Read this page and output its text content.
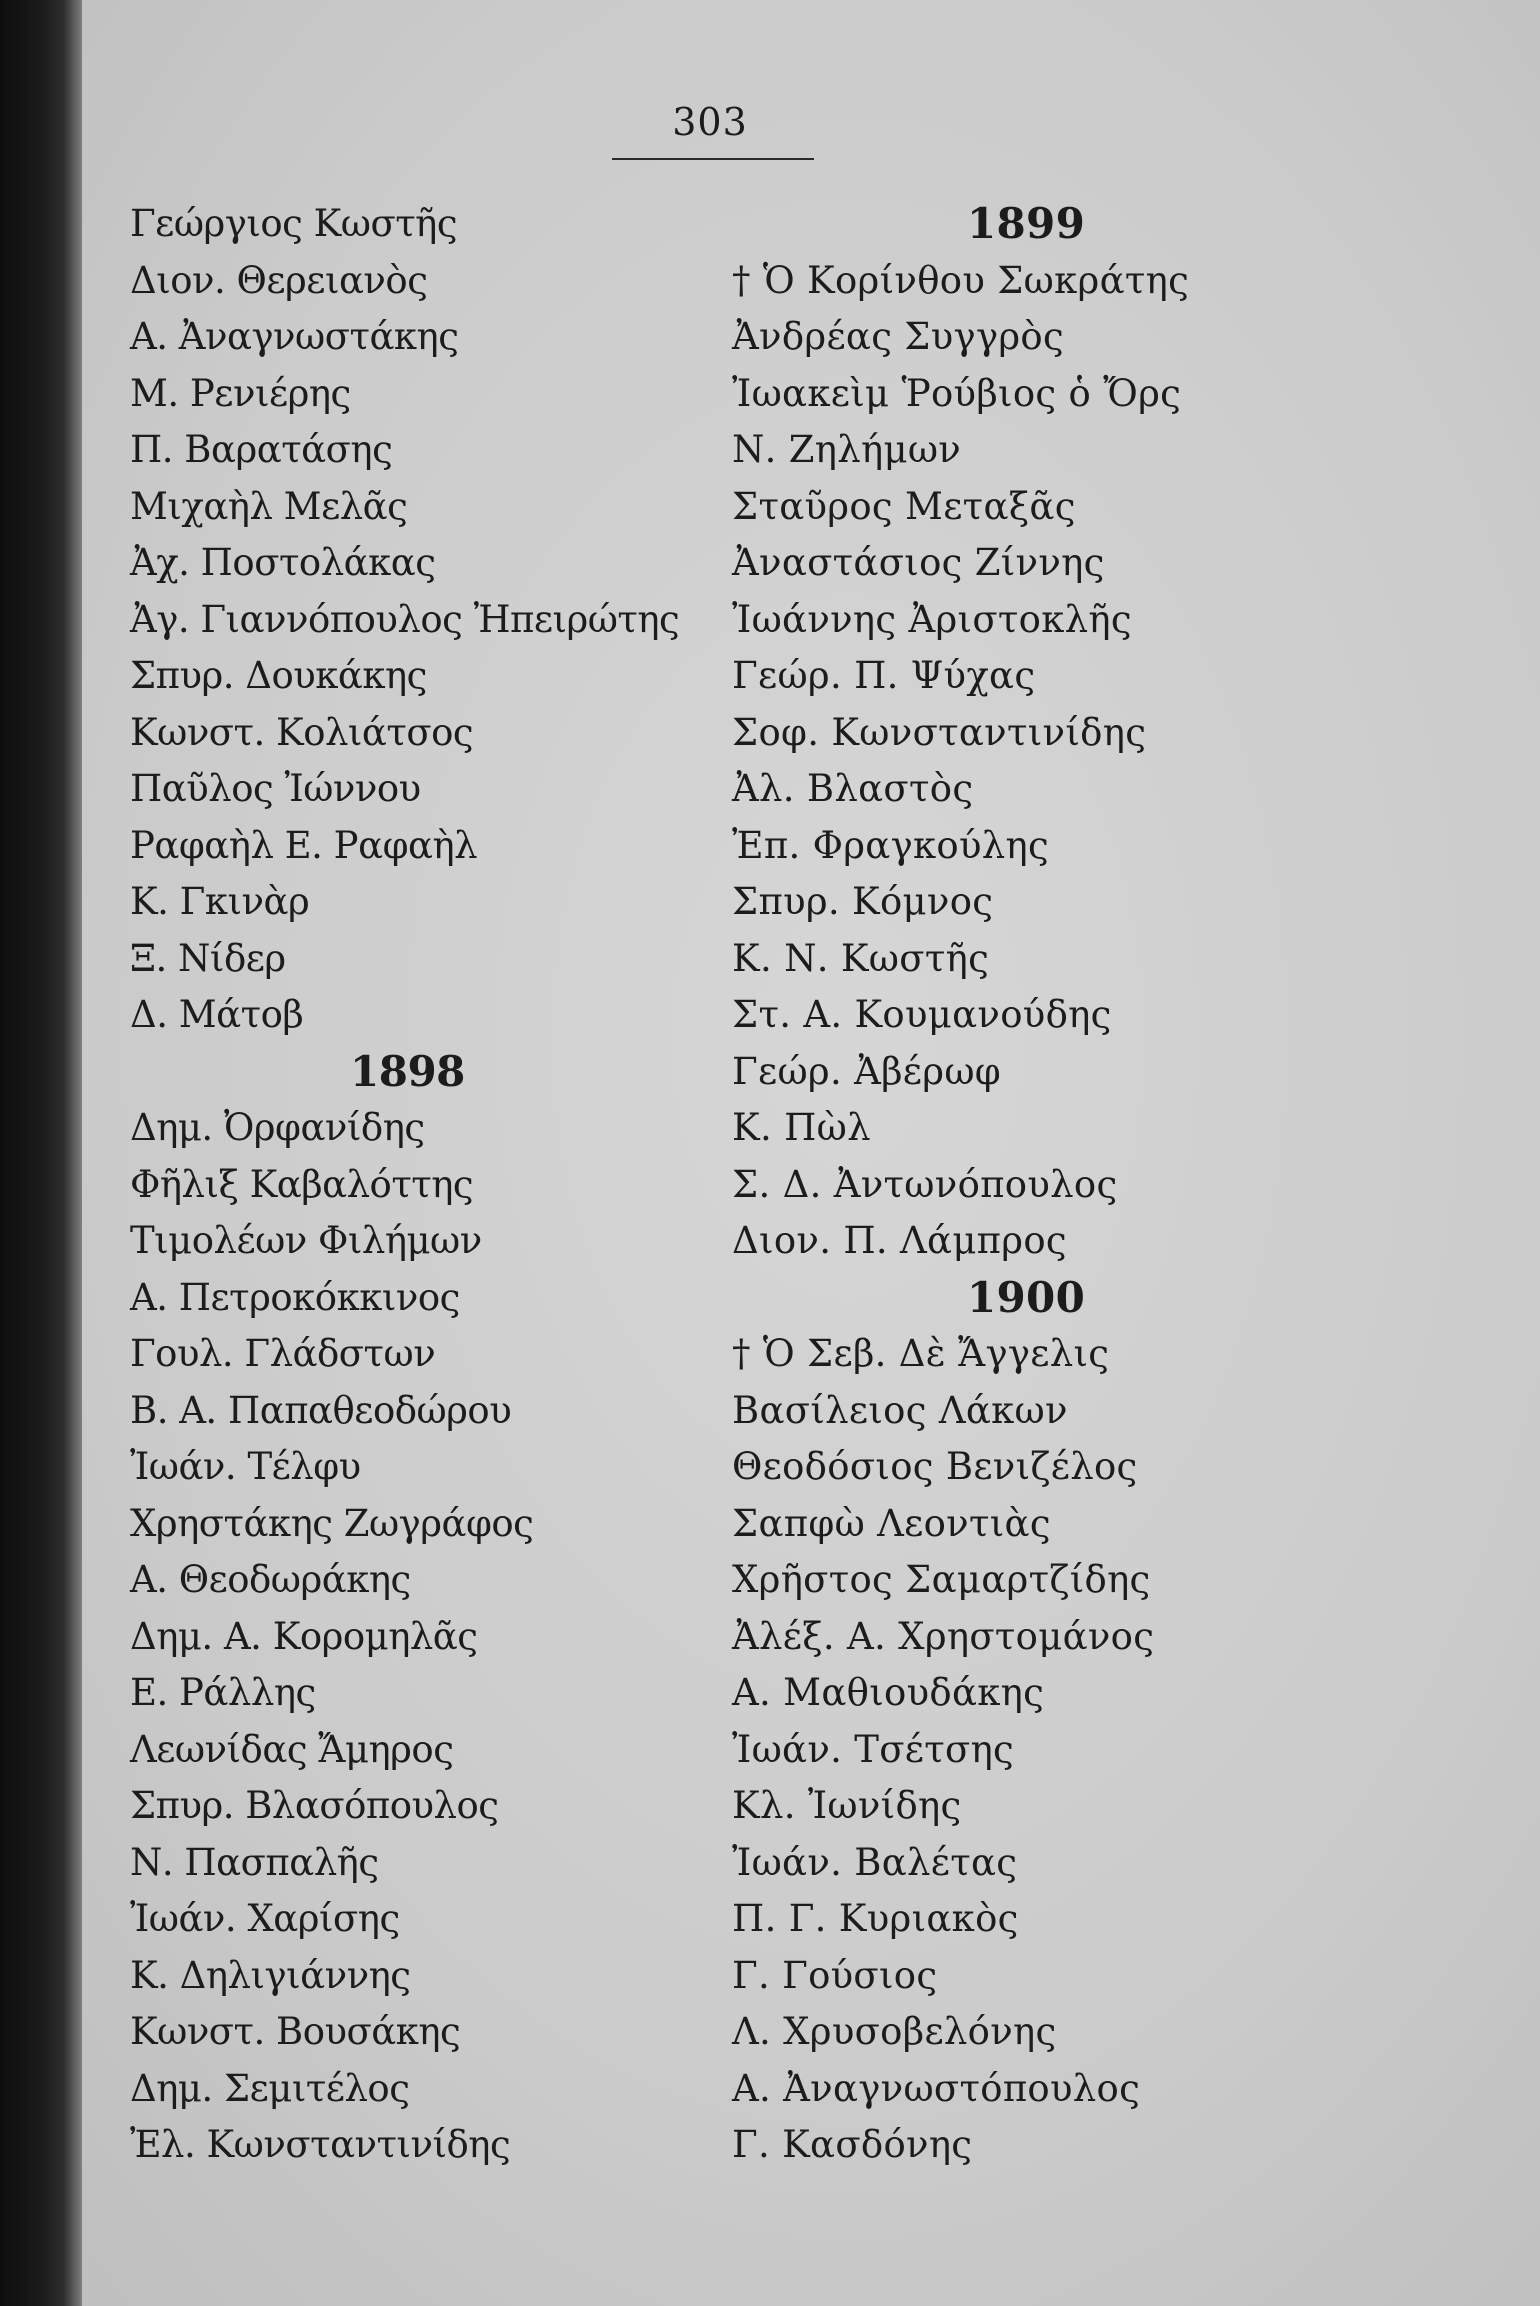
303
Γεώργιος Κωστῆς
Διον. Θερειανὸς
Α. Ἀναγνωστάκης
Μ. Ρενιέρης
Π. Βαρατάσης
Μιχαὴλ Μελᾶς
Ἀχ. Ποστολάκας
Ἀγ. Γιαννόπουλος Ἠπειρώτης
Σπυρ. Δουκάκης
Κωνστ. Κολιάτσος
Παῦλος Ἰώννου
Ραφαὴλ Ε. Ραφαὴλ
Κ. Γκινὰρ
Ξ. Νίδερ
Δ. Μάτοβ
1898
Δημ. Ὀρφανίδης
Φῆλιξ Καβαλόττης
Τιμολέων Φιλήμων
Α. Πετροκόκκινος
Γουλ. Γλάδστων
Β. Α. Παπαθεοδώρου
Ἰωάν. Τέλφυ
Χρηστάκης Ζωγράφος
Α. Θεοδωράκης
Δημ. Α. Κορομηλᾶς
Ε. Ράλλης
Λεωνίδας Ἄμηρος
Σπυρ. Βλασόπουλος
Ν. Πασπαλῆς
Ἰωάν. Χαρίσης
Κ. Δηλιγιάννης
Κωνστ. Βουσάκης
Δημ. Σεμιτέλος
Ἐλ. Κωνσταντινίδης
1899
† Ὁ Κορίνθου Σωκράτης
Ἀνδρέας Συγγρὸς
Ἰωακεὶμ Ῥούβιος ὁ Ὄρς
Ν. Ζηλήμων
Σταῦρος Μεταξᾶς
Ἀναστάσιος Ζίννης
Ἰωάννης Ἀριστοκλῆς
Γεώρ. Π. Ψύχας
Σοφ. Κωνσταντινίδης
Ἀλ. Βλαστὸς
Ἐπ. Φραγκούλης
Σπυρ. Κόμνος
Κ. Ν. Κωστῆς
Στ. Α. Κουμανούδης
Γεώρ. Ἀβέρωφ
Κ. Πὼλ
Σ. Δ. Ἀντωνόπουλος
Διον. Π. Λάμπρος
1900
† Ὁ Σεβ. Δὲ Ἄγγελις
Βασίλειος Λάκων
Θεοδόσιος Βενιζέλος
Σαπφὼ Λεοντιὰς
Χρῆστος Σαμαρτζίδης
Ἀλέξ. Α. Χρηστομάνος
Α. Μαθιουδάκης
Ἰωάν. Τσέτσης
Κλ. Ἰωνίδης
Ἰωάν. Βαλέτας
Π. Γ. Κυριακὸς
Γ. Γούσιος
Λ. Χρυσοβελόνης
Α. Ἀναγνωστόπουλος
Γ. Κασδόνης
